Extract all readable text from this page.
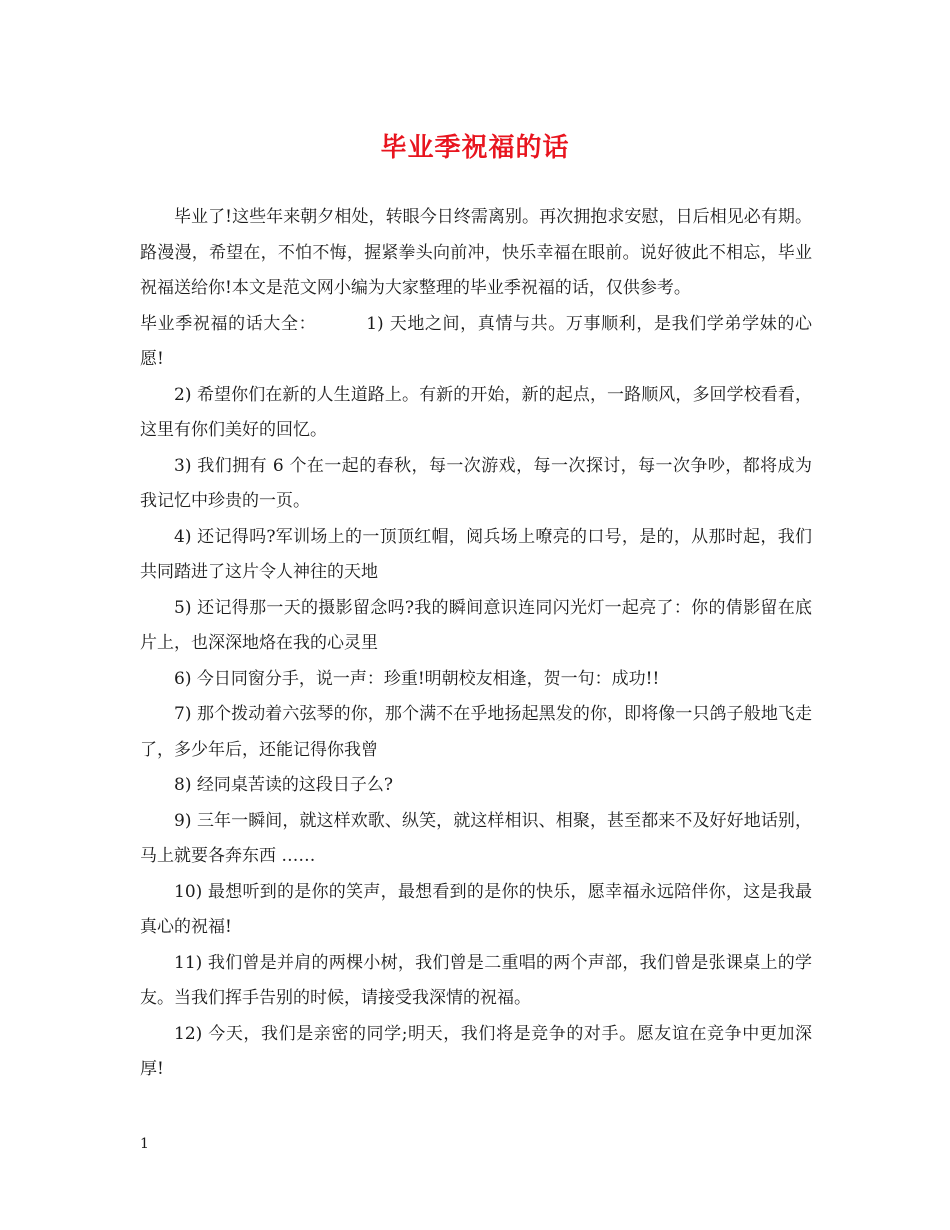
毕业季祝福的话

毕业了!这些年来朝夕相处，转眼今日终需离别。再次拥抱求安慰，日后相见必有期。路漫漫，希望在，不怕不悔，握紧拳头向前冲，快乐幸福在眼前。说好彼此不相忘，毕业祝福送给你!本文是范文网小编为大家整理的毕业季祝福的话，仅供参考。

毕业季祝福的话大全：	1) 天地之间，真情与共。万事顺利，是我们学弟学妹的心愿!

2) 希望你们在新的人生道路上。有新的开始，新的起点，一路顺风，多回学校看看，这里有你们美好的回忆。

3) 我们拥有 6 个在一起的春秋，每一次游戏，每一次探讨，每一次争吵，都将成为我记忆中珍贵的一页。

4) 还记得吗?军训场上的一顶顶红帽，阅兵场上嘹亮的口号，是的，从那时起，我们共同踏进了这片令人神往的天地

5) 还记得那一天的摄影留念吗?我的瞬间意识连同闪光灯一起亮了：你的倩影留在底片上，也深深地烙在我的心灵里

6) 今日同窗分手，说一声：珍重!明朝校友相逢，贺一句：成功!!

7) 那个拨动着六弦琴的你，那个满不在乎地扬起黑发的你，即将像一只鸽子般地飞走了，多少年后，还能记得你我曾

8) 经同桌苦读的这段日子么?

9) 三年一瞬间，就这样欢歌、纵笑，就这样相识、相聚，甚至都来不及好好地话别，马上就要各奔东西 ……

10) 最想听到的是你的笑声，最想看到的是你的快乐，愿幸福永远陪伴你，这是我最真心的祝福!

11) 我们曾是并肩的两棵小树，我们曾是二重唱的两个声部，我们曾是张课桌上的学友。当我们挥手告别的时候，请接受我深情的祝福。

12) 今天，我们是亲密的同学;明天，我们将是竞争的对手。愿友谊在竞争中更加深厚!

1
